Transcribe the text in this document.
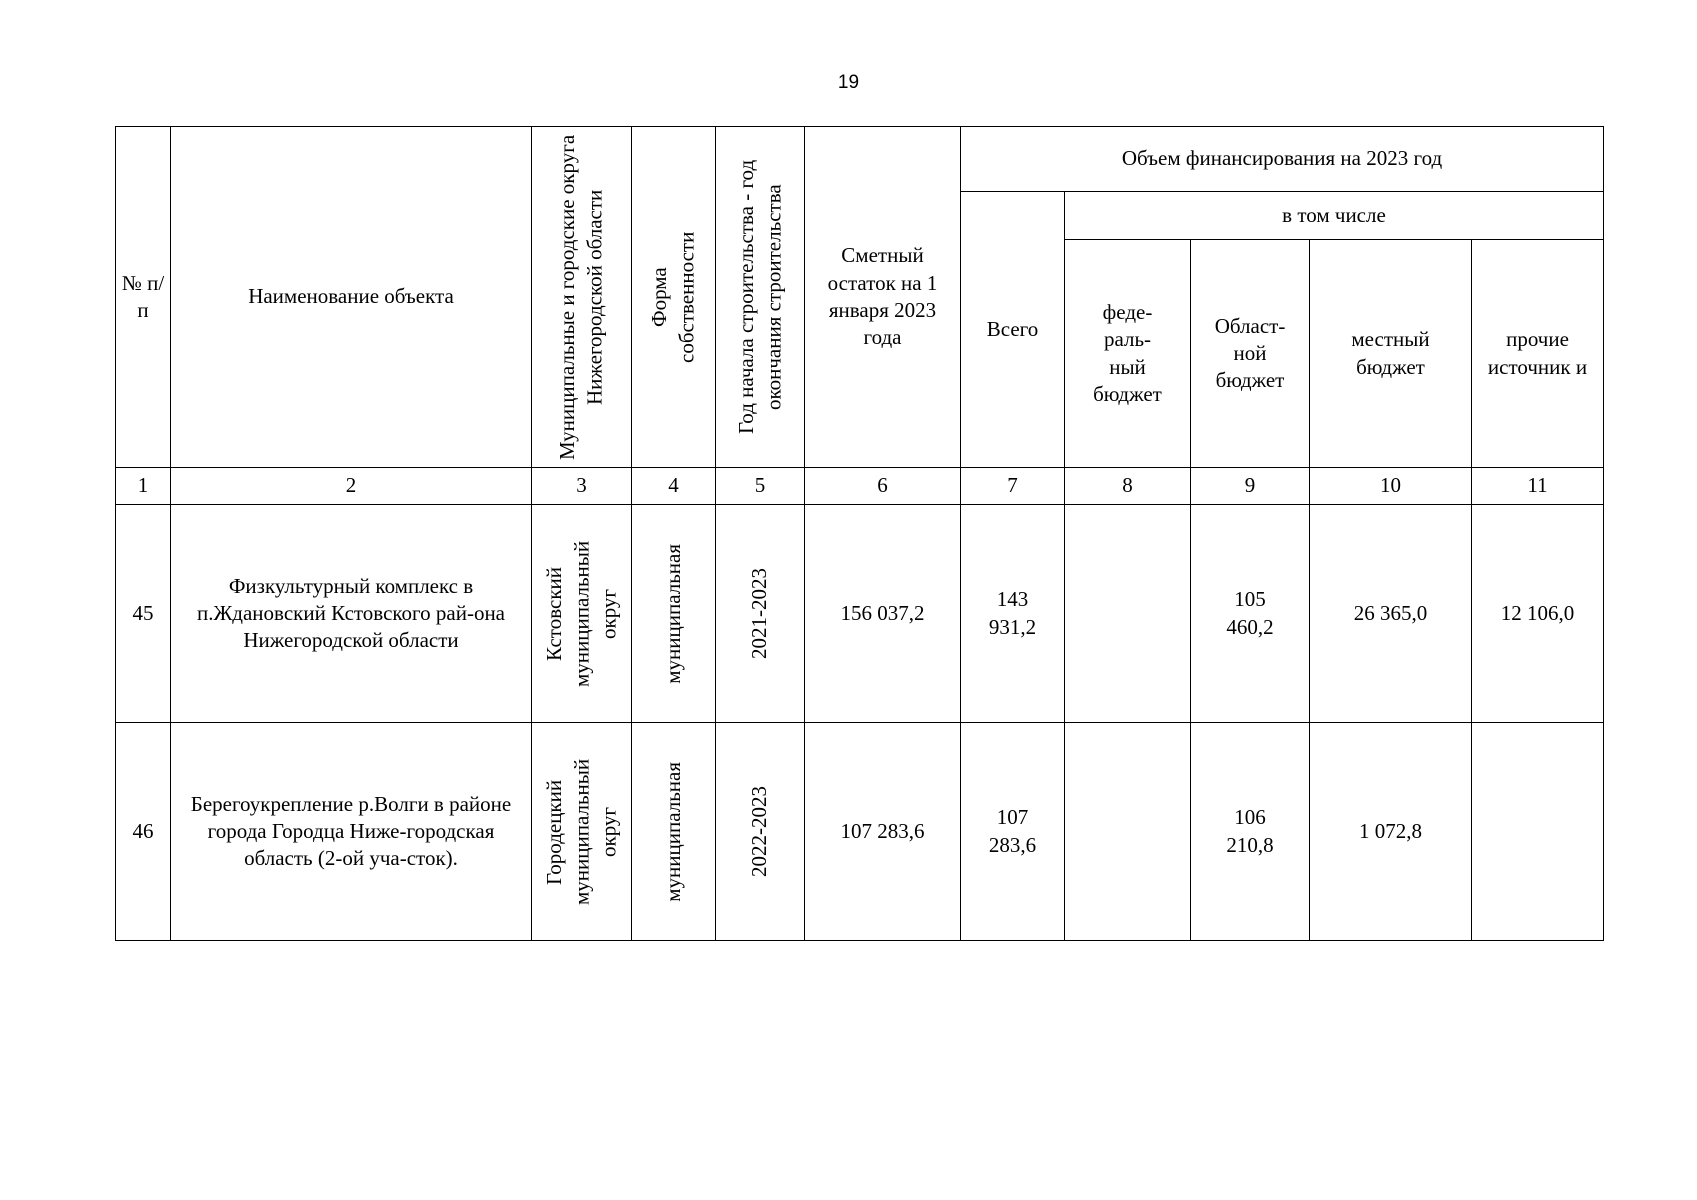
19
№ п/п	Наименование объекта	Муниципальные и городские округа Нижегородской области	Форма собственности	Год начала строительства - год окончания строительства	Сметный остаток на 1 января 2023 года	Объем финансирования на 2023 год				
						Всего	в том числе			

							феде-раль-ный бюджет	Област-ной бюджет	местный бюджет	прочие источник и

1	2	3	4	5	6	7	8	9	10	11
45	Физкультурный комплекс в п.Ждановский Кстовского рай-она Нижегородской области	Кстовский муниципальный округ	муниципальная	2021-2023	156 037,2	143 931,2		105 460,2	26 365,0	12 106,0
46	Берегоукрепление р.Волги в районе города Городца Ниже-городская область (2-ой уча-сток).	Городецкий муниципальный округ	муниципальная	2022-2023	107 283,6	107 283,6		106 210,8	1 072,8	
